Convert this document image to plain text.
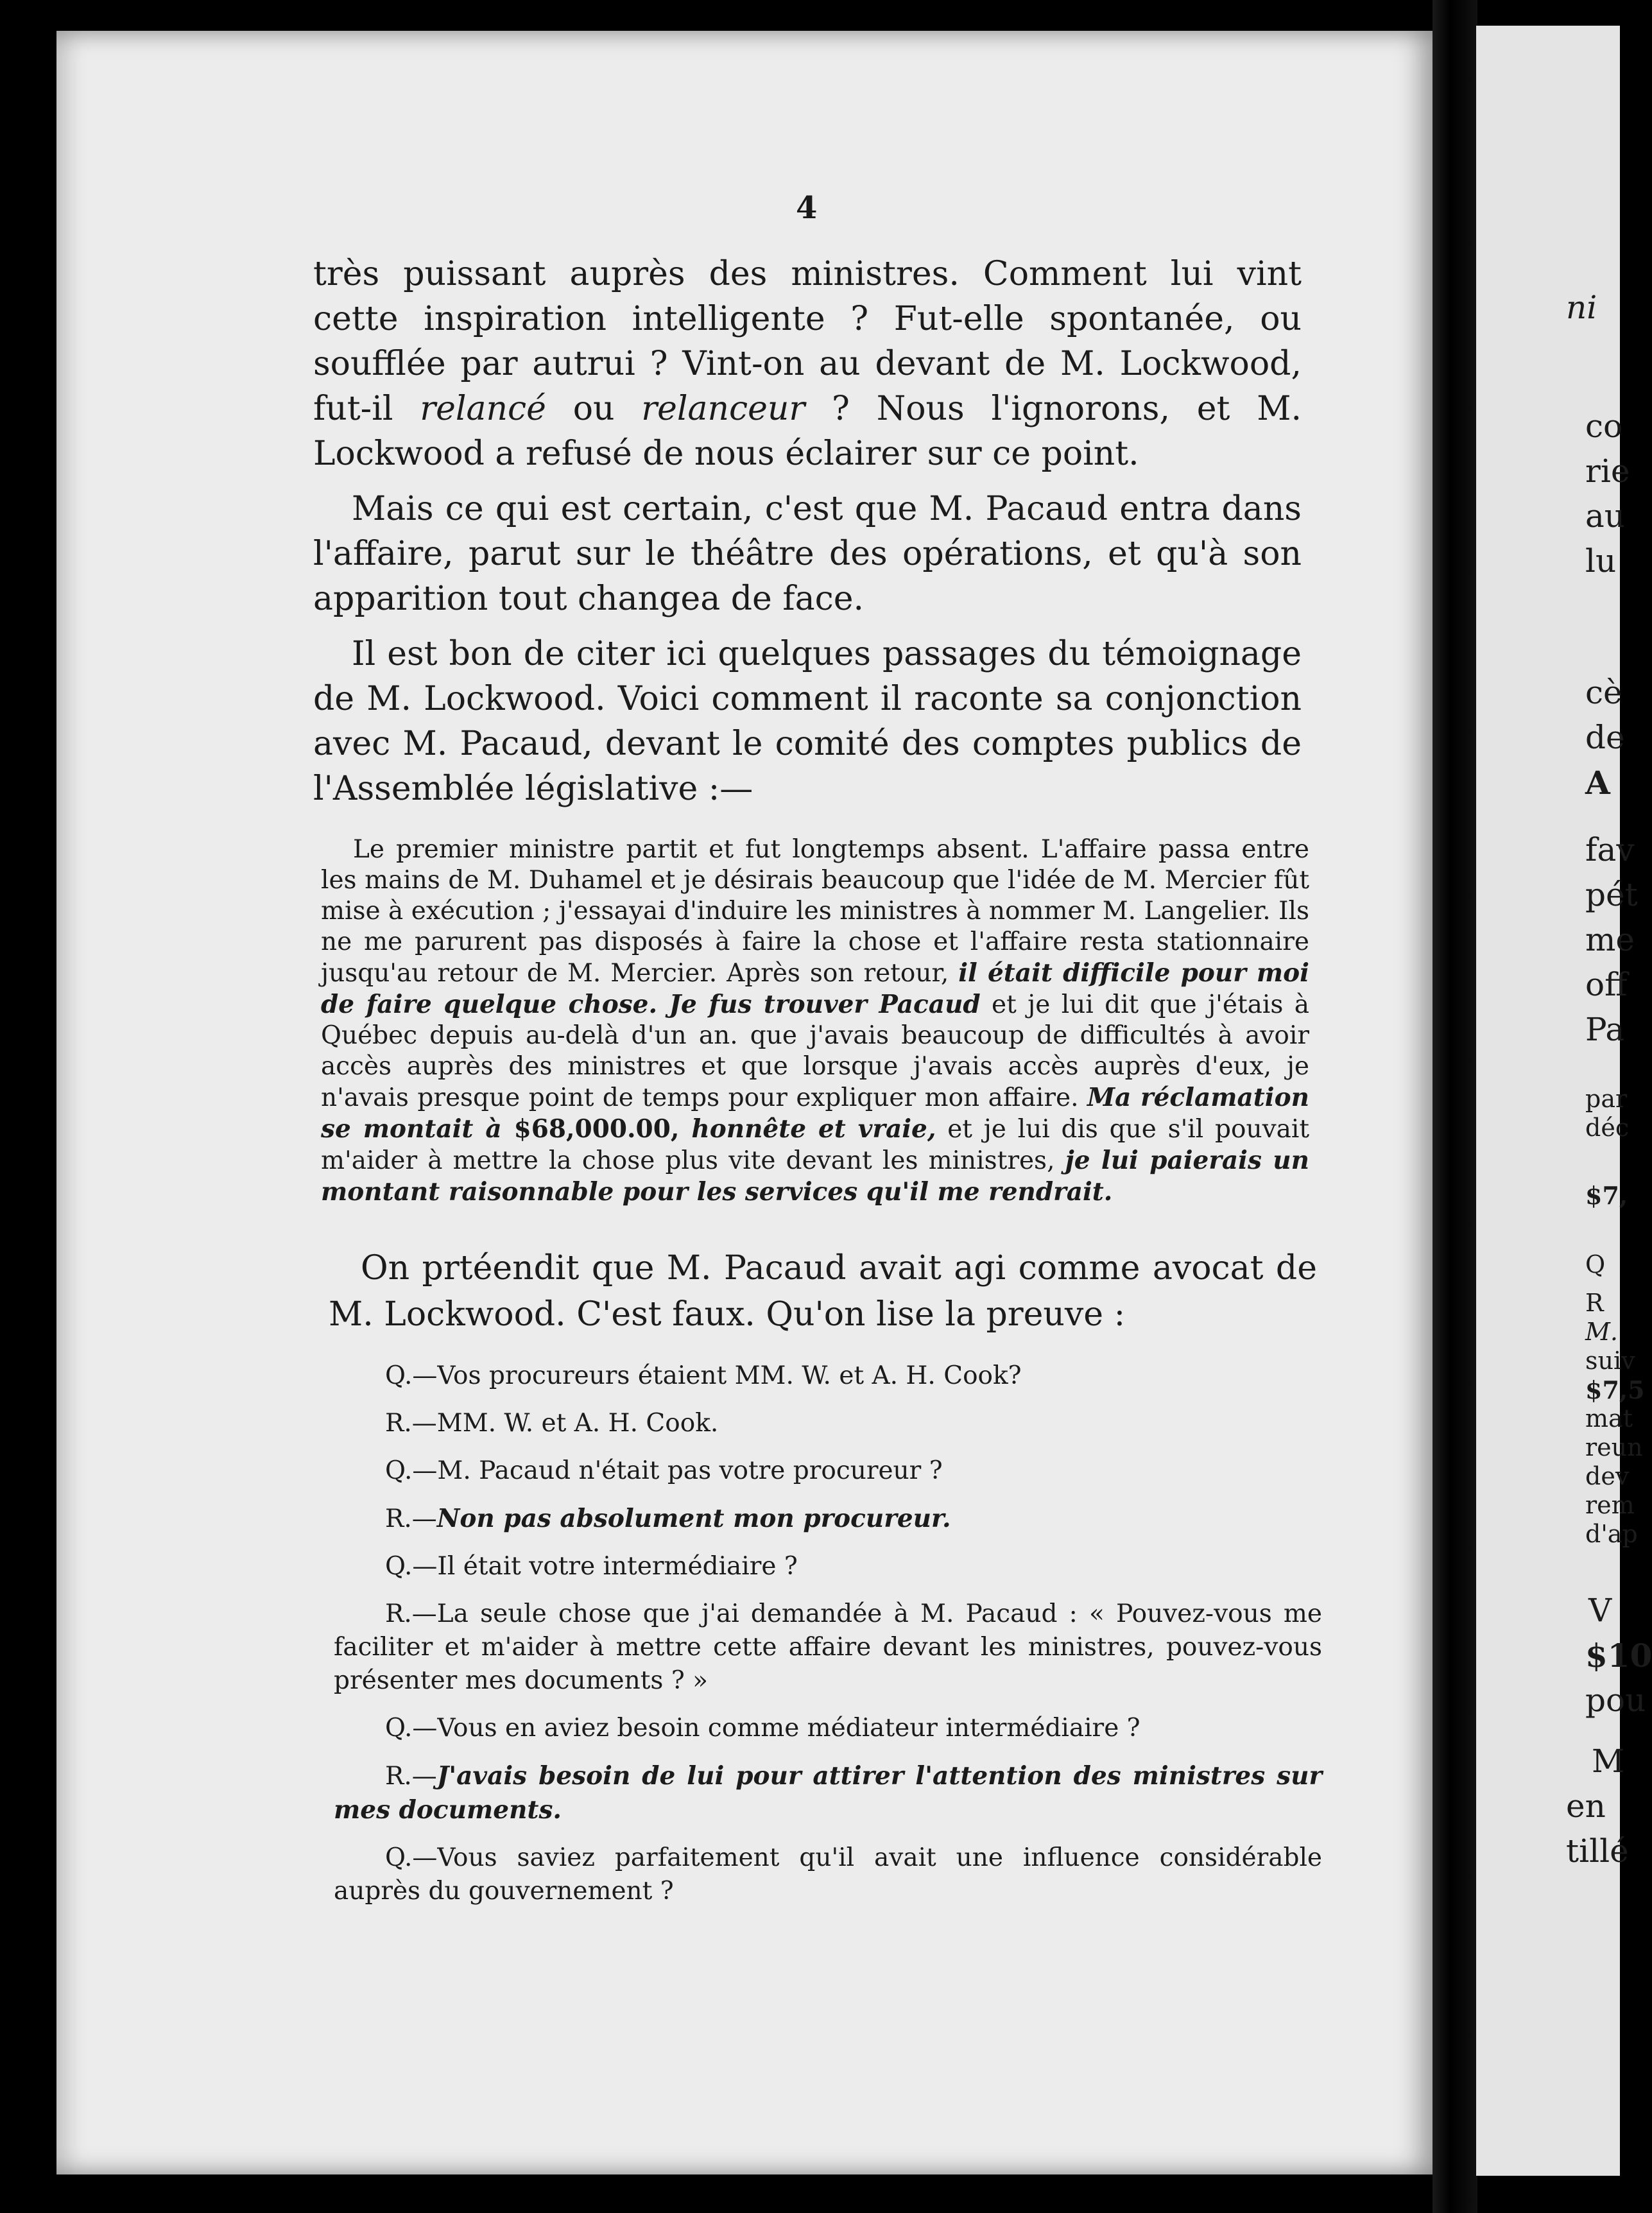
4

très puissant auprès des ministres. Comment lui vint cette inspiration intelligente ? Fut-elle spontanée, ou soufflée par autrui ? Vint-on au devant de M. Lockwood, fut-il relancé ou relanceur ? Nous l'ignorons, et M. Lockwood a refusé de nous éclairer sur ce point.

Mais ce qui est certain, c'est que M. Pacaud entra dans l'affaire, parut sur le théâtre des opérations, et qu'à son apparition tout changea de face.

Il est bon de citer ici quelques passages du témoignage de M. Lockwood. Voici comment il raconte sa conjonction avec M. Pacaud, devant le comité des comptes publics de l'Assemblée législative :—

Le premier ministre partit et fut longtemps absent. L'affaire passa entre les mains de M. Duhamel et je désirais beaucoup que l'idée de M. Mercier fût mise à exécution ; j'essayai d'induire les ministres à nommer M. Langelier. Ils ne me parurent pas disposés à faire la chose et l'affaire resta stationnaire jusqu'au retour de M. Mercier. Après son retour, il était difficile pour moi de faire quelque chose. Je fus trouver Pacaud et je lui dit que j'étais à Québec depuis au-delà d'un an. que j'avais beaucoup de difficultés à avoir accès auprès des ministres et que lorsque j'avais accès auprès d'eux, je n'avais presque point de temps pour expliquer mon affaire. Ma réclamation se montait à $68,000.00, honnête et vraie, et je lui dis que s'il pouvait m'aider à mettre la chose plus vite devant les ministres, je lui paierais un montant raisonnable pour les services qu'il me rendrait.
On prtéendit que M. Pacaud avait agi comme avocat de M. Lockwood. C'est faux. Qu'on lise la preuve :
Q.—Vos procureurs étaient MM. W. et A. H. Cook?
R.—MM. W. et A. H. Cook.
Q.—M. Pacaud n'était pas votre procureur ?
R.—Non pas absolument mon procureur.
Q.—Il était votre intermédiaire ?
R.—La seule chose que j'ai demandée à M. Pacaud : « Pouvez-vous me faciliter et m'aider à mettre cette affaire devant les ministres, pouvez-vous présenter mes documents ? »
Q.—Vous en aviez besoin comme médiateur intermédiaire ?
R.—J'avais besoin de lui pour attirer l'attention des ministres sur mes documents.
Q.—Vous saviez parfaitement qu'il avait une influence considérable auprès du gouvernement ?
ni
co
rie
au
lu
cè
de
A
fav
pét
me
off
Pa
par
déc
$7,
Q
R
M.
suiv
$7,5
mat
reun
dev
rem
d'ap
V
$10
pou
M
en
tillé
